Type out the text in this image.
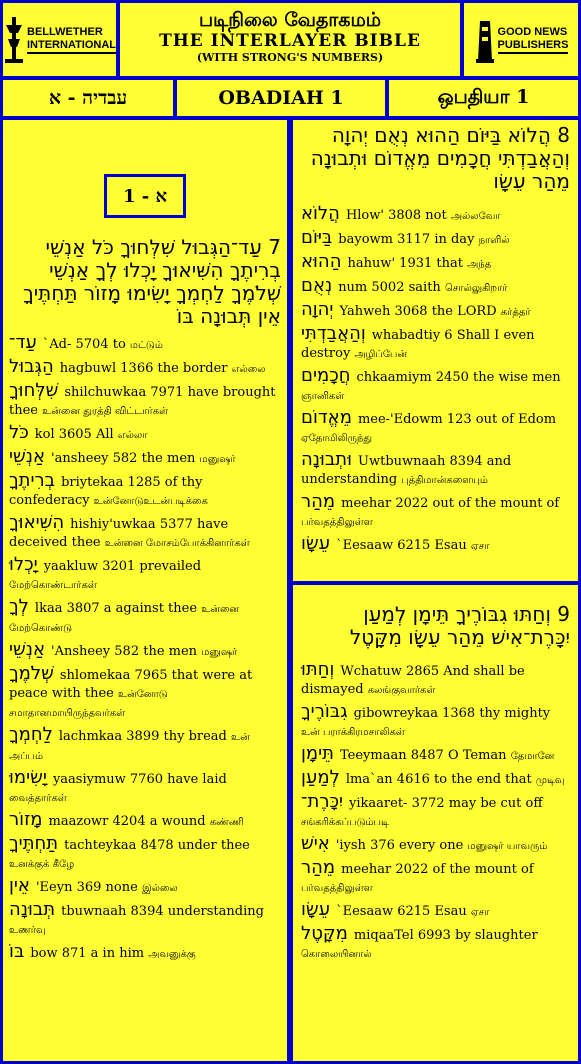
BELLWETHER
INTERNATIONAL
படிநிலை வேதாகமம்
THE INTERLAYER BIBLE
(WITH STRONG'S NUMBERS)
GOOD NEWS
PUBLISHERS
עבדיה - א	OBADIAH 1	ஒபதியா 1
א - 1
7 עַד־הַגְּבוּל שִׁלְּחוּךָ כֹּל אַנְשֵׁי בְרִיתֶךָ הִשִּׁיאוּךָ יָכְלוּ לְךָ אַנְשֵׁי שְׁלֹמֶךָ לַחְמְךָ יָשִׂימוּ מָזוֹר תַּחְתֶּיךָ אֵין תְּבוּנָה בּוֹ
עַד־ `Ad- 5704 to மட்டும்
הַגְּבוּל hagbuwl 1366 the border எல்லை
שִׁלְּחוּךָ shilchuwkaa 7971 have brought thee உன்னை துரத்தி விட்டார்கள்
כֹּל kol 3605 All எல்லா
אַנְשֵׁי 'ansheey 582 the men மனுஷர்
בְרִיתֶךָ briytekaa 1285 of thy confederacy உன்னோடுஉடன்படிக்கை
הִשִּׁיאוּךָ hishiy'uwkaa 5377 have deceived thee உன்னை மோசம்போக்கினார்கள்
יָכְלוּ yaakluw 3201 prevailed மேற்கொண்டார்கள்
לְךָ lkaa 3807 a against thee உன்னை மேற்கொண்டு
אַנְשֵׁי 'Ansheey 582 the men மனுஷர்
שְׁלֹמֶךָ shlomekaa 7965 that were at peace with thee உன்னோடு சமாதானமாயிருந்தவர்கள்
לַחְמְךָ lachmkaa 3899 thy bread உன் அப்பம்
יָשִׂימוּ yaasiymuw 7760 have laid வைத்தார்கள்
מָזוֹר maazowr 4204 a wound கண்ணி
תַּחְתֶּיךָ tachteykaa 8478 under thee உனக்குக் கீழே
אֵין 'Eeyn 369 none இல்லை
תְּבוּנָה tbuwnaah 8394 understanding உணர்வு
בּוֹ bow 871 a in him அவனுக்கு
8 הֲלוֹא בַּיּוֹם הַהוּא נְאֻם יְהוָה וְהַאֲבַדְתִּי חֲכָמִים מֵאֱדוֹם וּתְבוּנָה מֵהַר עֵשָׂו
הֲלוֹא Hlow' 3808 not அல்லவோ
בַּיּוֹם bayowm 3117 in day நாளில்
הַהוּא hahuw' 1931 that அந்த
נְאֻם num 5002 saith சொல்லுகிறார்
יְהוָה Yahweh 3068 the LORD கர்த்தர்
וְהַאֲבַדְתִּי whabadtiy 6 Shall I even destroy அழிப்பேன்
חֲכָמִים chkaamiym 2450 the wise men ஞானிகள்
מֵאֱדוֹם mee-'Edowm 123 out of Edom ஏதோமிலிருந்து
וּתְבוּנָה Uwtbuwnaah 8394 and understanding புத்திமான்களையும்
מֵהַר meehar 2022 out of the mount of பர்வதத்திலுள்ள
עֵשָׂו `Eesaaw 6215 Esau ஏசா
9 וְחַתּוּ גִבּוֹרֶיךָ תֵּימָן לְמַעַן יִכָּרֶת־אִישׁ מֵהַר עֵשָׂו מִקָּטֶל
וְחַתּוּ Wchatuw 2865 And shall be dismayed கலங்குவார்கள்
גִבּוֹרֶיךָ gibowreykaa 1368 thy mighty உன் பராக்கிரமசாலிகள்
תֵּימָן Teeymaan 8487 O Teman தேமானே
לְמַעַן lma`an 4616 to the end that முடிவு
יִכָּרֶת־ yikaaret- 3772 may be cut off சங்கரிக்கப்படும்படி
אִישׁ 'iysh 376 every one மனுஷர் யாவரும்
מֵהַר meehar 2022 of the mount of பர்வதத்திலுள்ள
עֵשָׂו `Eesaaw 6215 Esau ஏசா
מִקָּטֶל miqaaTel 6993 by slaughter கொலையினால்
